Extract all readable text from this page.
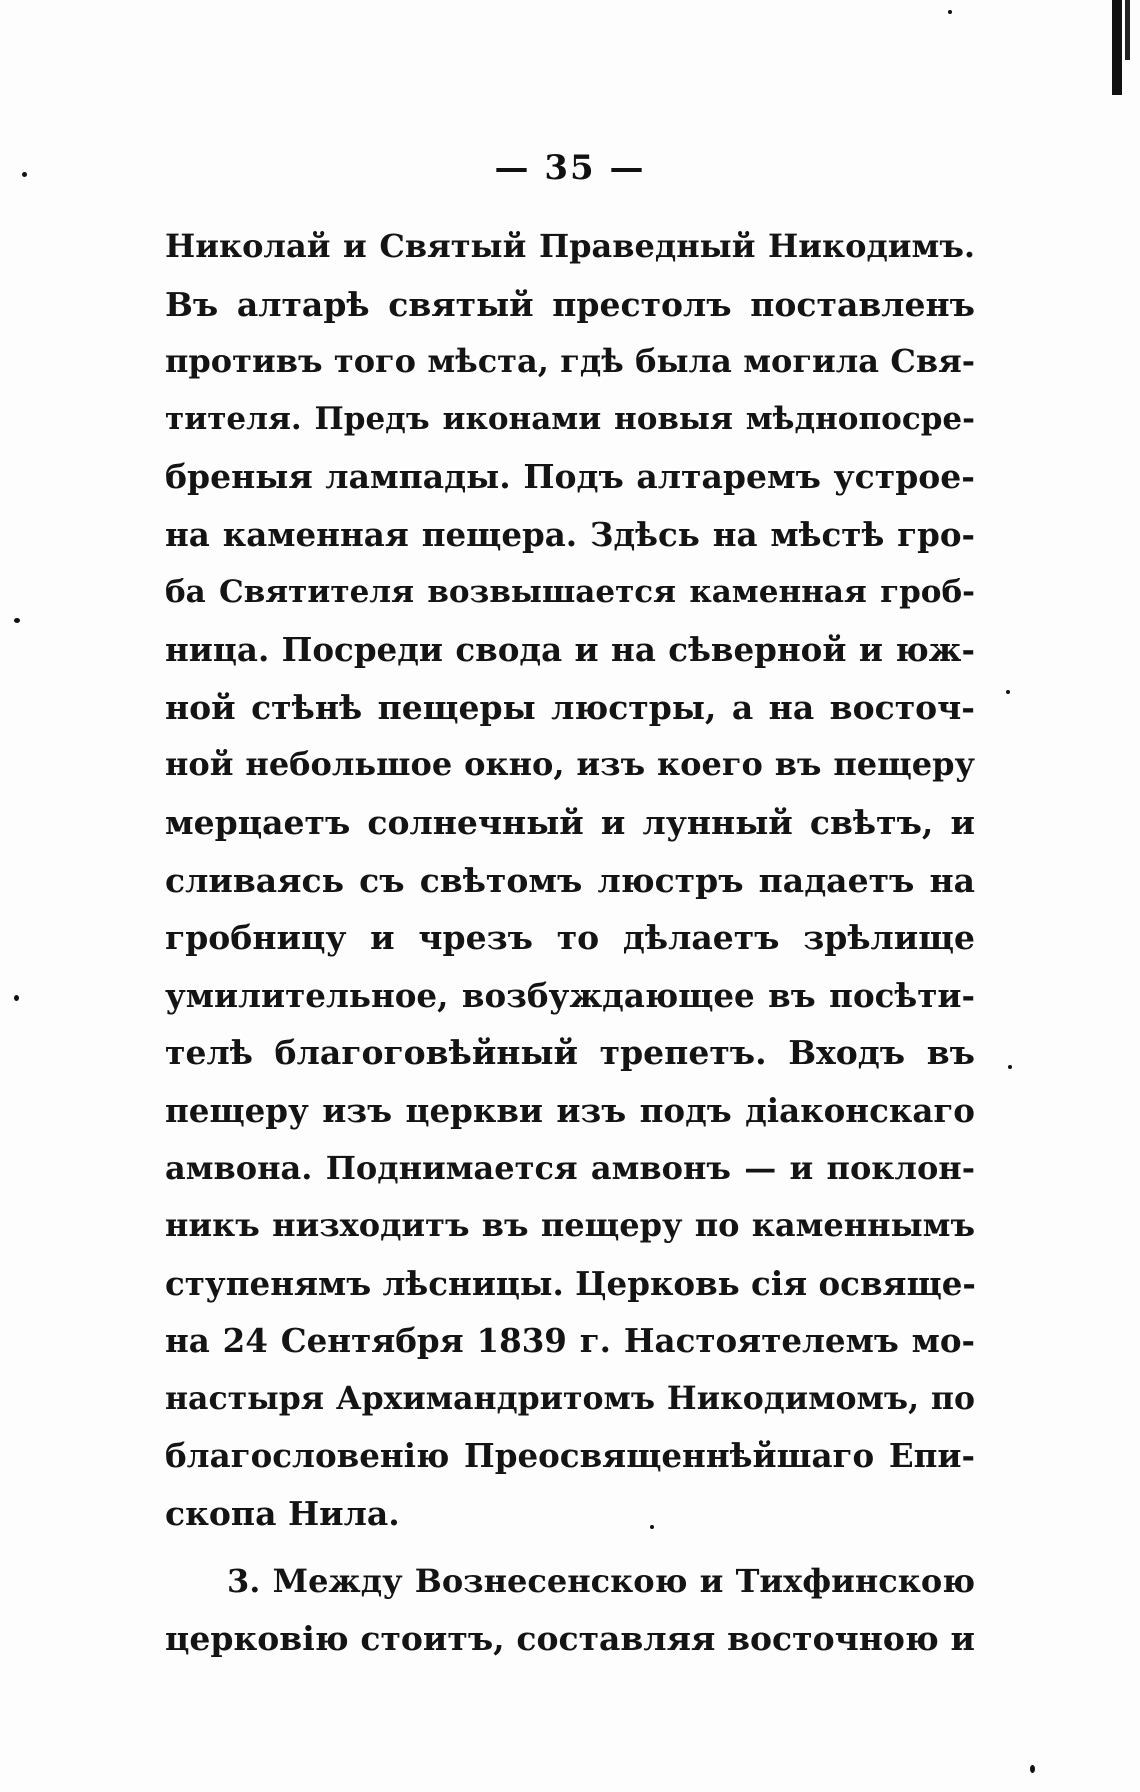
— 35 —
Николай и Святый Праведный Никодимъ.
Въ алтарѣ святый престолъ поставленъ
противъ того мѣста, гдѣ была могила Свя-
тителя. Предъ иконами новыя мѣднопосре-
бреныя лампады. Подъ алтаремъ устрое-
на каменная пещера. Здѣсь на мѣстѣ гро-
ба Святителя возвышается каменная гроб-
ница. Посреди свода и на сѣверной и юж-
ной стѣнѣ пещеры люстры, а на восточ-
ной небольшое окно, изъ коего въ пещеру
мерцаетъ солнечный и лунный свѣтъ, и
сливаясь съ свѣтомъ люстръ падаетъ на
гробницу и чрезъ то дѣлаетъ зрѣлище
умилительное, возбуждающее въ посѣти-
телѣ благоговѣйный трепетъ. Входъ въ
пещеру изъ церкви изъ подъ діаконскаго
амвона. Поднимается амвонъ — и поклон-
никъ низходитъ въ пещеру по каменнымъ
ступенямъ лѣсницы. Церковь сія освяще-
на 24 Сентября 1839 г. Настоятелемъ мо-
настыря Архимандритомъ Никодимомъ, по
благословенію Преосвященнѣйшаго Епи-
скопа Нила.
3. Между Вознесенскою и Тихфинскою
церковію стоитъ, составляя восточною и
